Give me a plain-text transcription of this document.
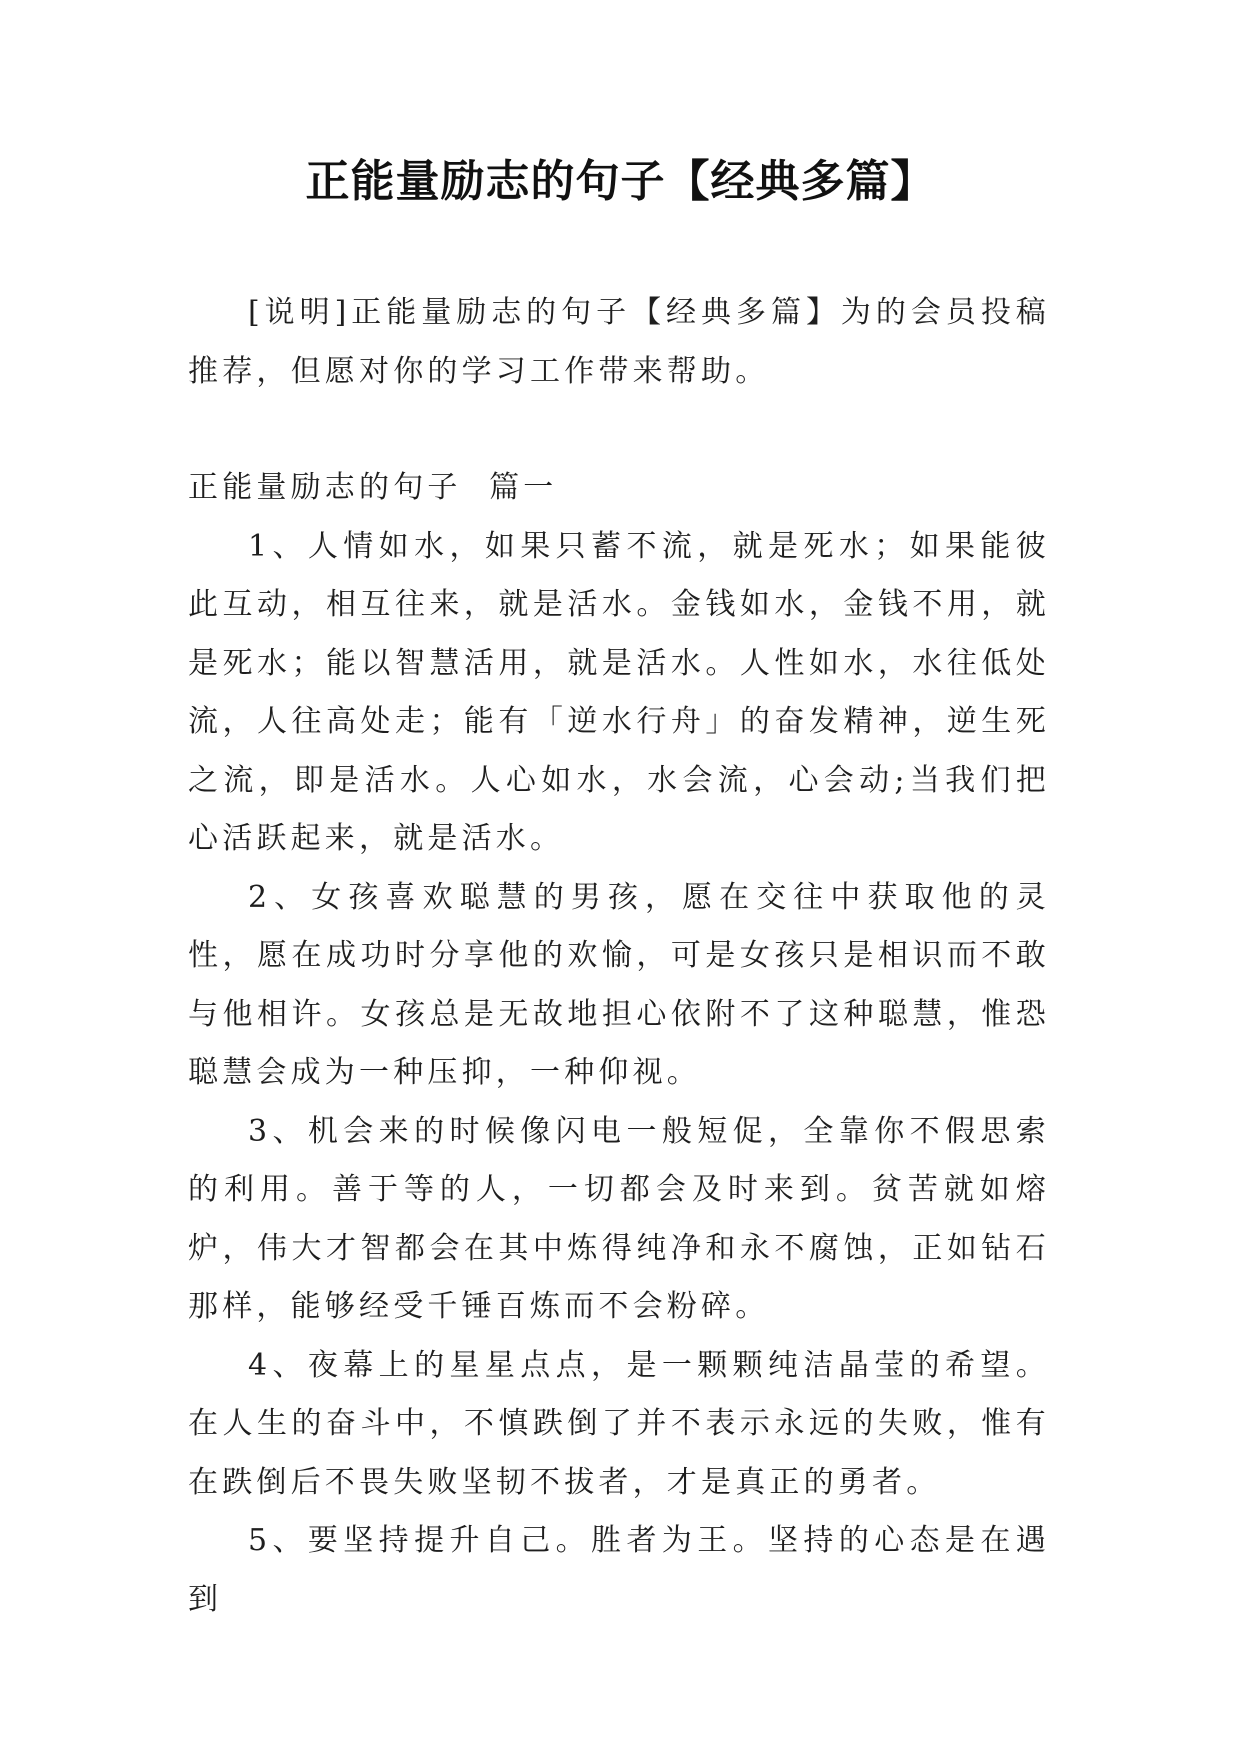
正能量励志的句子【经典多篇】

[说明]正能量励志的句子【经典多篇】为的会员投稿推荐，但愿对你的学习工作带来帮助。

正能量励志的句子  篇一

1、人情如水，如果只蓄不流，就是死水；如果能彼此互动，相互往来，就是活水。金钱如水，金钱不用，就是死水；能以智慧活用，就是活水。人性如水，水往低处流，人往高处走；能有「逆水行舟」的奋发精神，逆生死之流，即是活水。人心如水，水会流，心会动;当我们把心活跃起来，就是活水。

2、女孩喜欢聪慧的男孩，愿在交往中获取他的灵性，愿在成功时分享他的欢愉，可是女孩只是相识而不敢与他相许。女孩总是无故地担心依附不了这种聪慧，惟恐聪慧会成为一种压抑，一种仰视。

3、机会来的时候像闪电一般短促，全靠你不假思索的利用。善于等的人，一切都会及时来到。贫苦就如熔炉，伟大才智都会在其中炼得纯净和永不腐蚀，正如钻石那样，能够经受千锤百炼而不会粉碎。

4、夜幕上的星星点点，是一颗颗纯洁晶莹的希望。在人生的奋斗中，不慎跌倒了并不表示永远的失败，惟有在跌倒后不畏失败坚韧不拔者，才是真正的勇者。

5、要坚持提升自己。胜者为王。坚持的心态是在遇到
